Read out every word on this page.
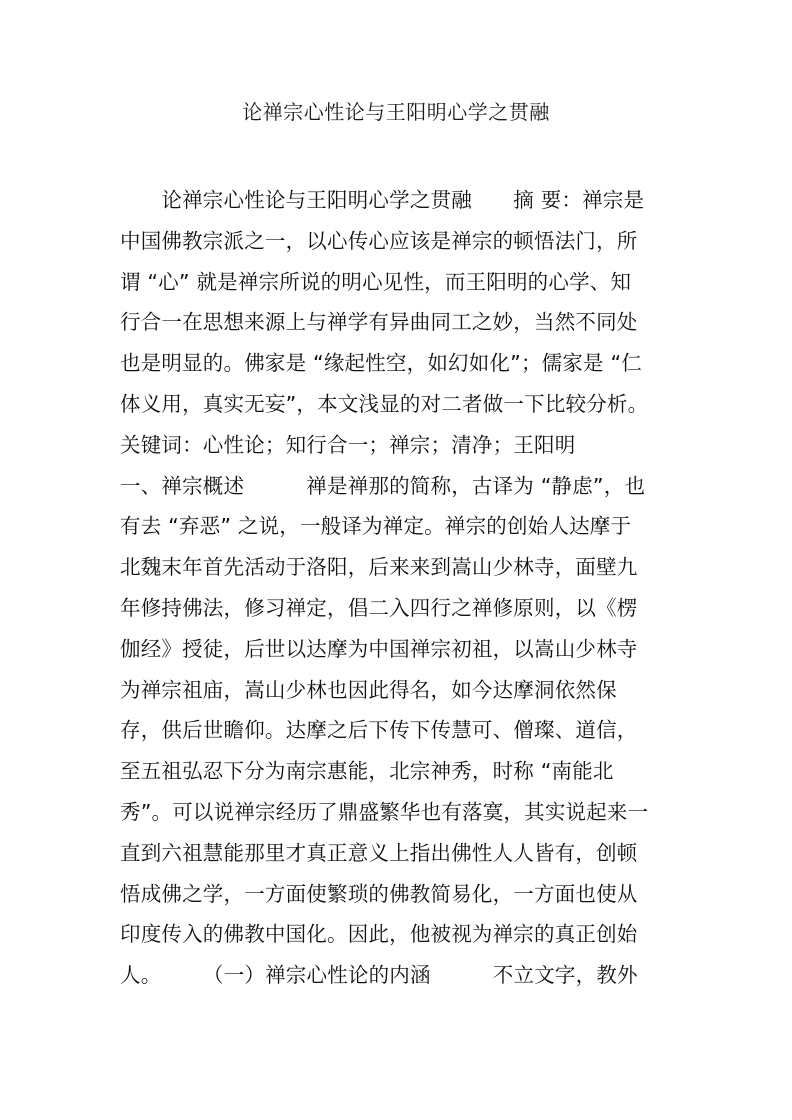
论禅宗心性论与王阳明心学之贯融
　　论禅宗心性论与王阳明心学之贯融　　摘 要：禅宗是
中国佛教宗派之一，以心传心应该是禅宗的顿悟法门，所
谓 “心” 就是禅宗所说的明心见性，而王阳明的心学、知
行合一在思想来源上与禅学有异曲同工之妙，当然不同处
也是明显的。佛家是 “缘起性空，如幻如化”；儒家是 “仁
体义用，真实无妄”，本文浅显的对二者做一下比较分析。
关键词：心性论；知行合一；禅宗；清净；王阳明
一、禅宗概述　　　禅是禅那的简称，古译为 “静虑”，也
有去 “弃恶” 之说，一般译为禅定。禅宗的创始人达摩于
北魏末年首先活动于洛阳，后来来到嵩山少林寺，面壁九
年修持佛法，修习禅定，倡二入四行之禅修原则，以《楞
伽经》授徒，后世以达摩为中国禅宗初祖，以嵩山少林寺
为禅宗祖庙，嵩山少林也因此得名，如今达摩洞依然保
存，供后世瞻仰。达摩之后下传下传慧可、僧璨、道信，
至五祖弘忍下分为南宗惠能，北宗神秀，时称 “南能北
秀”。可以说禅宗经历了鼎盛繁华也有落寞，其实说起来一
直到六祖慧能那里才真正意义上指出佛性人人皆有，创顿
悟成佛之学，一方面使繁琐的佛教简易化，一方面也使从
印度传入的佛教中国化。因此，他被视为禅宗的真正创始
人。　　　（一）禅宗心性论的内涵　　　不立文字，教外
